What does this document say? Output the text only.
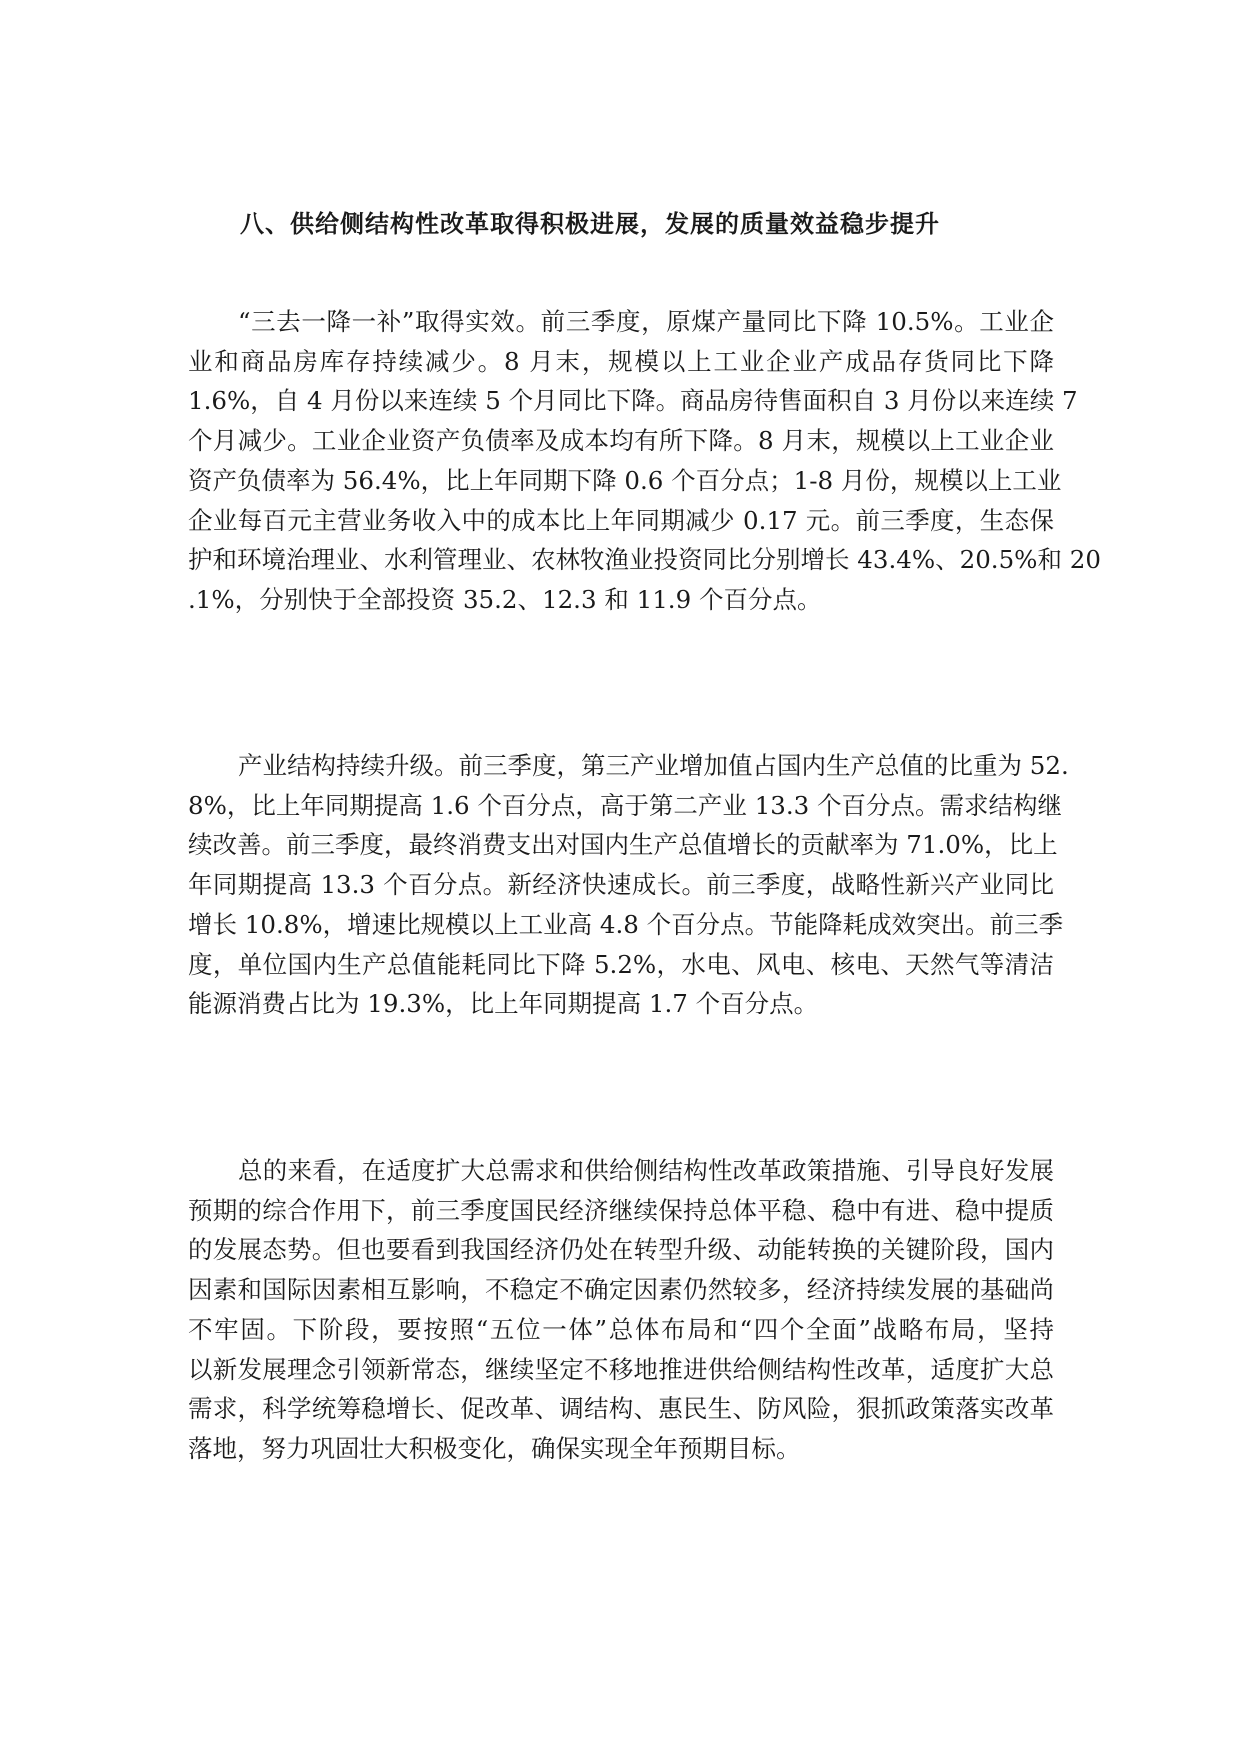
八、供给侧结构性改革取得积极进展，发展的质量效益稳步提升

“三去一降一补”取得实效。前三季度，原煤产量同比下降 10.5%。工业企
业和商品房库存持续减少。8 月末，规模以上工业企业产成品存货同比下降
1.6%，自 4 月份以来连续 5 个月同比下降。商品房待售面积自 3 月份以来连续 7
个月减少。工业企业资产负债率及成本均有所下降。8 月末，规模以上工业企业
资产负债率为 56.4%，比上年同期下降 0.6 个百分点；1-8 月份，规模以上工业
企业每百元主营业务收入中的成本比上年同期减少 0.17 元。前三季度，生态保
护和环境治理业、水利管理业、农林牧渔业投资同比分别增长 43.4%、20.5%和 20
.1%，分别快于全部投资 35.2、12.3 和 11.9 个百分点。

产业结构持续升级。前三季度，第三产业增加值占国内生产总值的比重为 52.
8%，比上年同期提高 1.6 个百分点，高于第二产业 13.3 个百分点。需求结构继
续改善。前三季度，最终消费支出对国内生产总值增长的贡献率为 71.0%，比上
年同期提高 13.3 个百分点。新经济快速成长。前三季度，战略性新兴产业同比
增长 10.8%，增速比规模以上工业高 4.8 个百分点。节能降耗成效突出。前三季
度，单位国内生产总值能耗同比下降 5.2%，水电、风电、核电、天然气等清洁
能源消费占比为 19.3%，比上年同期提高 1.7 个百分点。

总的来看，在适度扩大总需求和供给侧结构性改革政策措施、引导良好发展
预期的综合作用下，前三季度国民经济继续保持总体平稳、稳中有进、稳中提质
的发展态势。但也要看到我国经济仍处在转型升级、动能转换的关键阶段，国内
因素和国际因素相互影响，不稳定不确定因素仍然较多，经济持续发展的基础尚
不牢固。下阶段，要按照“五位一体”总体布局和“四个全面”战略布局，坚持
以新发展理念引领新常态，继续坚定不移地推进供给侧结构性改革，适度扩大总
需求，科学统筹稳增长、促改革、调结构、惠民生、防风险，狠抓政策落实改革
落地，努力巩固壮大积极变化，确保实现全年预期目标。
